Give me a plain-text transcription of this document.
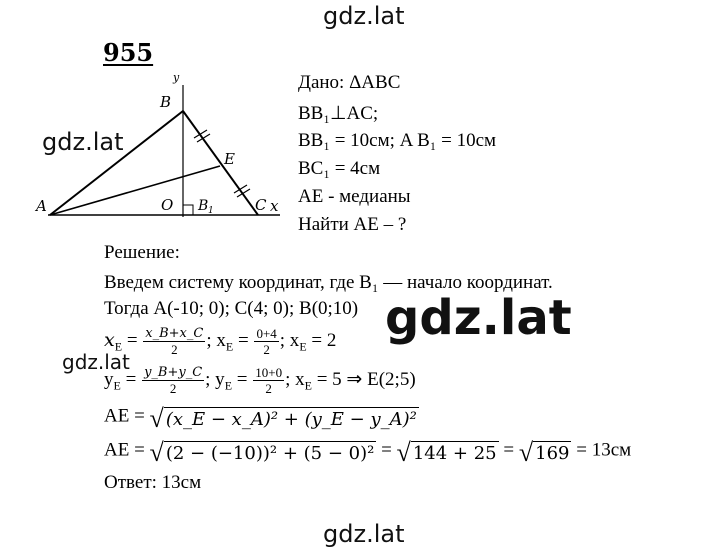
gdz.lat
gdz.lat
gdz.lat
gdz.lat
gdz.lat
955
A
B
y
E
O B 1	C x
Дано: ΔABC
BB₁⊥AC;
BB₁ = 10см; A B₁ = 10см
BC₁ = 4см
AE - медианы
Найти AE – ?
Решение:
Введем систему координат, где B₁ — начало координат.
Тогда A(-10; 0); C(4; 0); B(0;10)
$x_E = \frac{x\_B+x\_C}{2}$ ; $x_E = \frac{0+4}{2}$ ; $x_E = 2$
$y_E = \frac{y\_B+y\_C}{2}$ ; $y_E = \frac{10+0}{2}$ ; $x_E = 5$ ⇒ E(2;5)
AE = √ (x_E − x_A)² + (y_E − y_A)²
AE = √ (2 − (−10))² + (5 − 0)² = √ 144 + 25 = √ 169 = 13см
Ответ: 13см
